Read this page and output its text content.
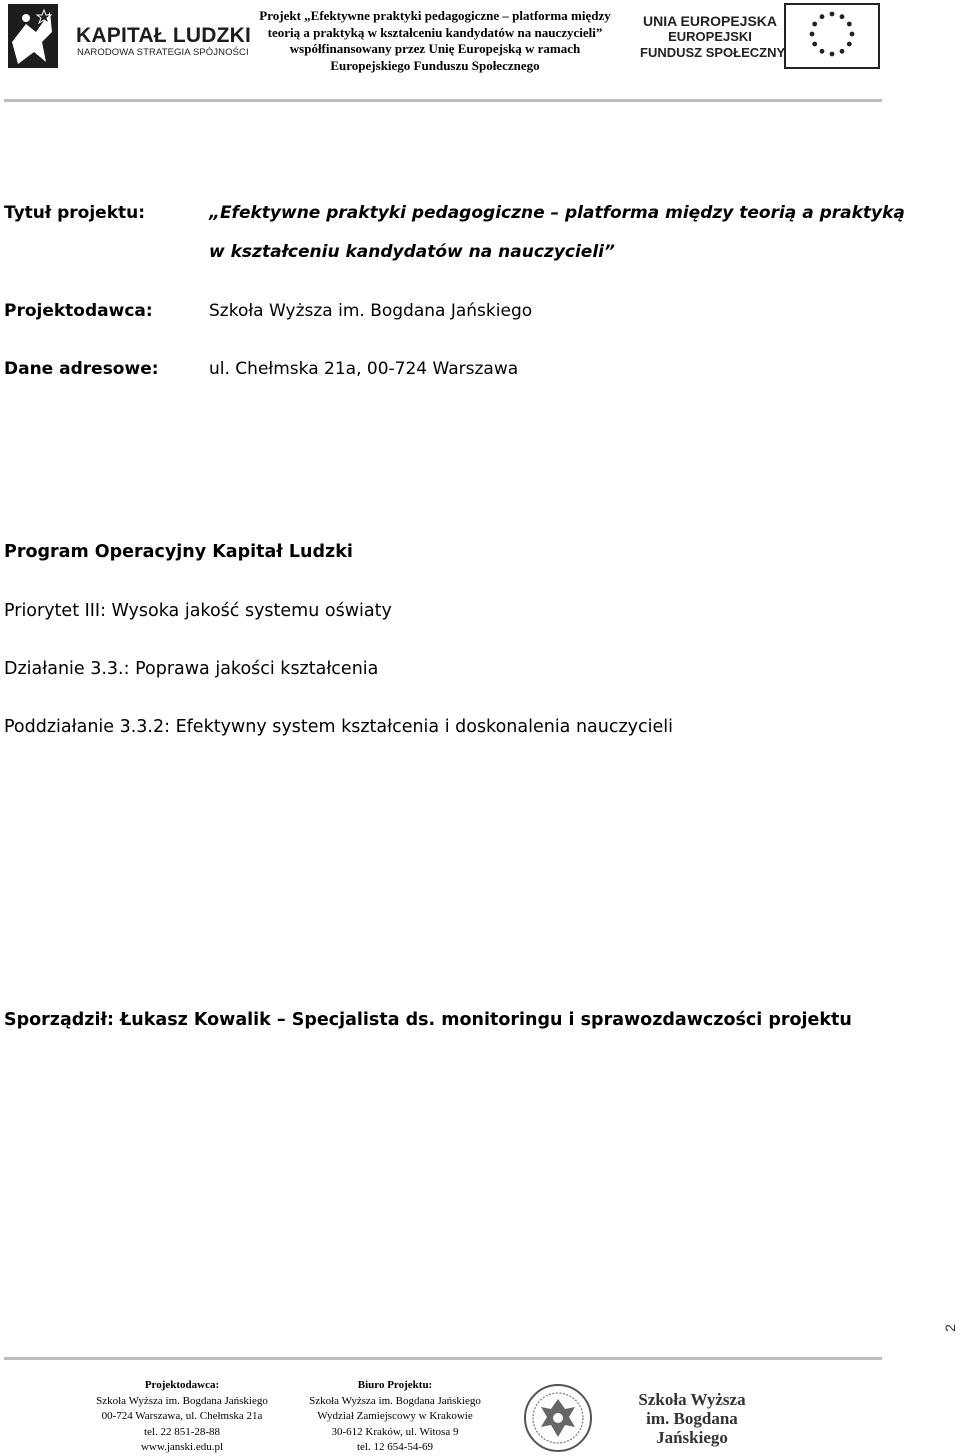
KAPITAŁ LUDZKI
NARODOWA STRATEGIA SPÓJNOŚCI
Projekt „Efektywne praktyki pedagogiczne – platforma między
teorią a praktyką w kształceniu kandydatów na nauczycieli”
współfinansowany przez Unię Europejską w ramach
Europejskiego Funduszu Społecznego
UNIA EUROPEJSKA
EUROPEJSKI
FUNDUSZ SPOŁECZNY
Tytuł projektu:	„Efektywne praktyki pedagogiczne – platforma między teorią a praktyką
w kształceniu kandydatów na nauczycieli”
Projektodawca:	Szkoła Wyższa im. Bogdana Jańskiego
Dane adresowe:	ul. Chełmska 21a, 00-724 Warszawa
Program Operacyjny Kapitał Ludzki
Priorytet III: Wysoka jakość systemu oświaty
Działanie 3.3.: Poprawa jakości kształcenia
Poddziałanie 3.3.2: Efektywny system kształcenia i doskonalenia nauczycieli
Sporządził: Łukasz Kowalik – Specjalista ds. monitoringu i sprawozdawczości projektu
2
Projektodawca:
Szkoła Wyższa im. Bogdana Jańskiego
00-724 Warszawa, ul. Chełmska 21a
tel. 22 851-28-88
www.janski.edu.pl
Biuro Projektu:
Szkoła Wyższa im. Bogdana Jańskiego
Wydział Zamiejscowy w Krakowie
30-612 Kraków, ul. Witosa 9
tel. 12 654-54-69
Szkoła Wyższa
im. Bogdana Jańskiego
